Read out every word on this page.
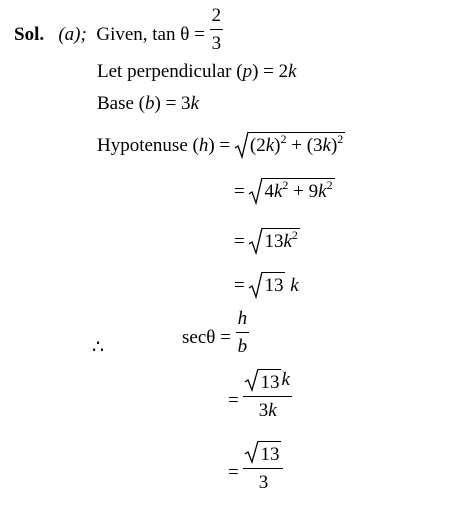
Sol. (a); Given, $\tan \theta = \frac{2}{3}$
Let perpendicular (p) = 2k
Base (b) = 3k
Hypotenuse $(h) = (2k)^2 + (3k)^2$
= $4k^2 + 9k^2$
= $13k^2$
= 13 k
∴	$\sec\theta = \frac{h}{b}$
= $\frac{13 k}{3k}$
= $\frac{13}{3}$
